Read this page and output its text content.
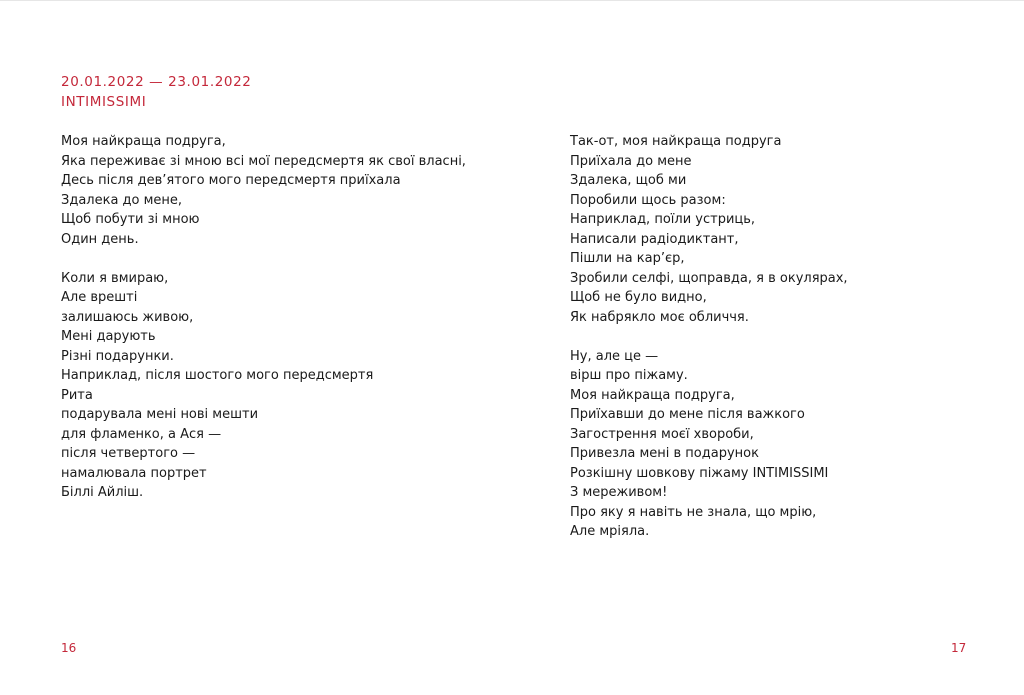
20.01.2022 — 23.01.2022
INTIMISSIMI
Моя найкраща подруга,
Яка переживає зі мною всі мої передсмертя як свої власні,
Десь після дев’ятого мого передсмертя приїхала
Здалека до мене,
Щоб побути зі мною
Один день.
Коли я вмираю,
Але врешті
залишаюсь живою,
Мені дарують
Різні подарунки.
Наприклад, після шостого мого передсмертя
Рита
подарувала мені нові мешти
для фламенко, а Ася —
після четвертого —
намалювала портрет
Біллі Айліш.
Так-от, моя найкраща подруга
Приїхала до мене
Здалека, щоб ми
Поробили щось разом:
Наприклад, поїли устриць,
Написали радіодиктант,
Пішли на кар’єр,
Зробили селфі, щоправда, я в окулярах,
Щоб не було видно,
Як набрякло моє обличчя.
Ну, але це —
вірш про піжаму.
Моя найкраща подруга,
Приїхавши до мене після важкого
Загострення моєї хвороби,
Привезла мені в подарунок
Розкішну шовкову піжаму INTIMISSIMI
З мереживом!
Про яку я навіть не знала, що мрію,
Але мріяла.
16	17
